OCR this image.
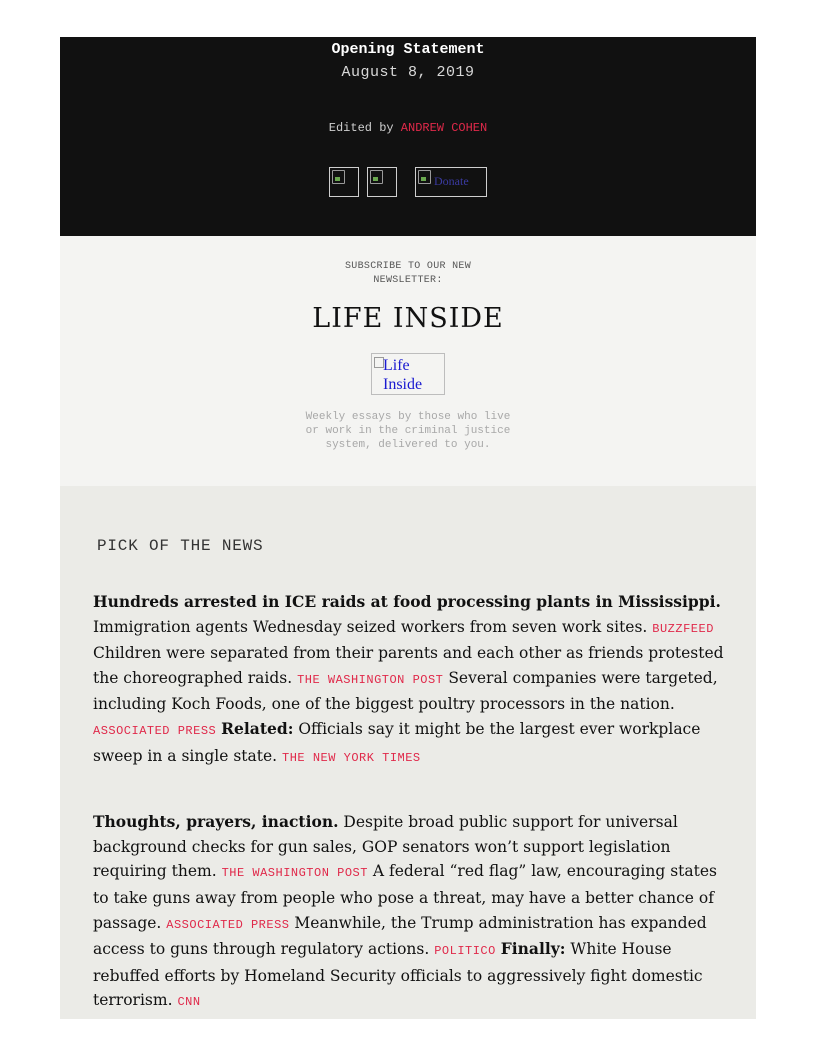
Opening Statement
August 8, 2019
Edited by ANDREW COHEN
Donate
SUBSCRIBE TO OUR NEW
NEWSLETTER:
LIFE INSIDE
Life Inside
Weekly essays by those who live or work in the criminal justice system, delivered to you.
PICK OF THE NEWS

Hundreds arrested in ICE raids at food processing plants in Mississippi. Immigration agents Wednesday seized workers from seven work sites. BUZZFEED Children were separated from their parents and each other as friends protested the choreographed raids. THE WASHINGTON POST Several companies were targeted, including Koch Foods, one of the biggest poultry processors in the nation. ASSOCIATED PRESS Related: Officials say it might be the largest ever workplace sweep in a single state. THE NEW YORK TIMES

Thoughts, prayers, inaction. Despite broad public support for universal background checks for gun sales, GOP senators won’t support legislation requiring them. THE WASHINGTON POST A federal “red flag” law, encouraging states to take guns away from people who pose a threat, may have a better chance of passage. ASSOCIATED PRESS Meanwhile, the Trump administration has expanded access to guns through regulatory actions. POLITICO Finally: White House rebuffed efforts by Homeland Security officials to aggressively fight domestic terrorism. CNN
